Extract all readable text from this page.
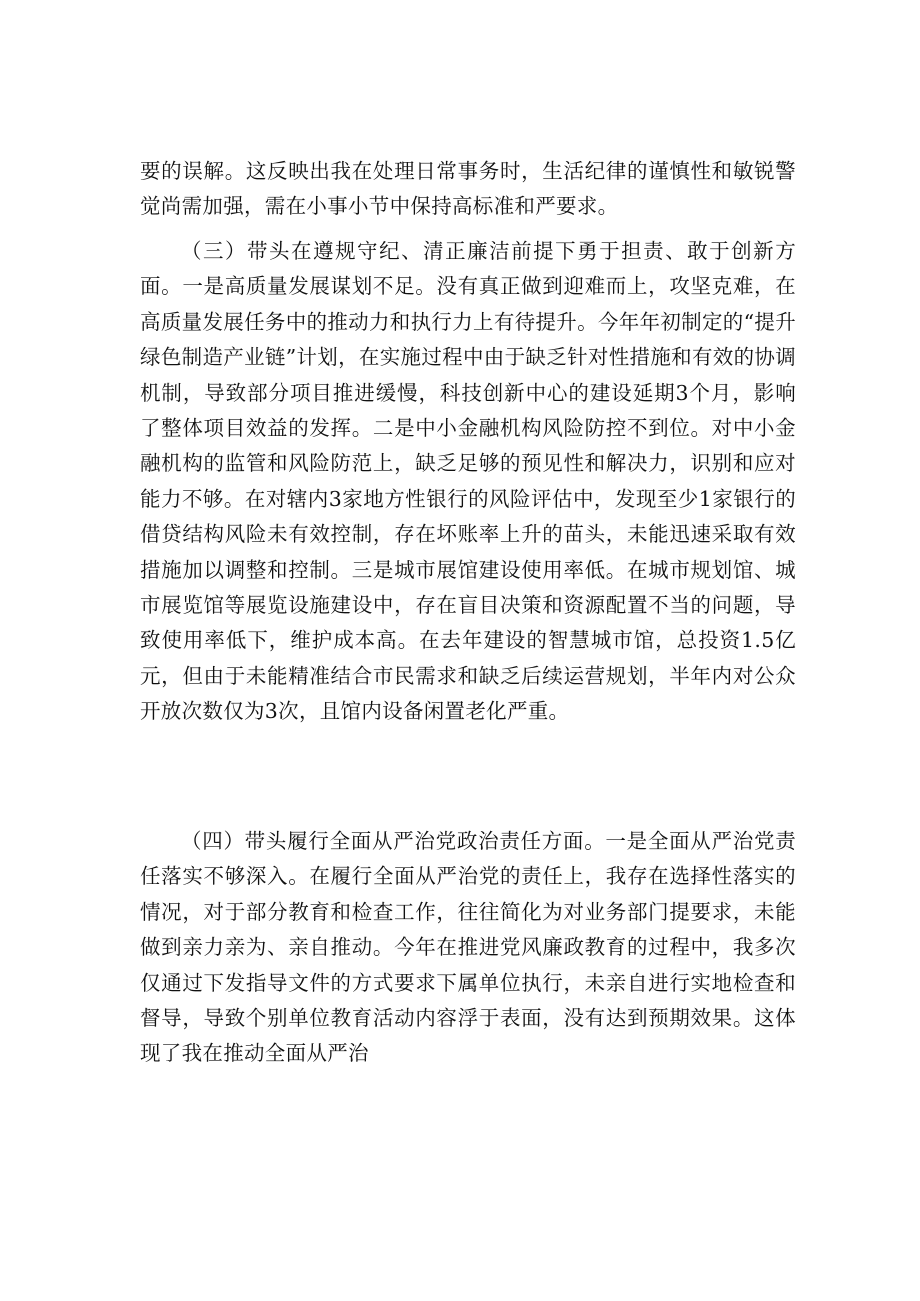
要的误解。这反映出我在处理日常事务时，生活纪律的谨慎性和敏锐警觉尚需加强，需在小事小节中保持高标准和严要求。

（三）带头在遵规守纪、清正廉洁前提下勇于担责、敢于创新方面。一是高质量发展谋划不足。没有真正做到迎难而上，攻坚克难，在高质量发展任务中的推动力和执行力上有待提升。今年年初制定的“提升绿色制造产业链”计划，在实施过程中由于缺乏针对性措施和有效的协调机制，导致部分项目推进缓慢，科技创新中心的建设延期3个月，影响了整体项目效益的发挥。二是中小金融机构风险防控不到位。对中小金融机构的监管和风险防范上，缺乏足够的预见性和解决力，识别和应对能力不够。在对辖内3家地方性银行的风险评估中，发现至少1家银行的借贷结构风险未有效控制，存在坏账率上升的苗头，未能迅速采取有效措施加以调整和控制。三是城市展馆建设使用率低。在城市规划馆、城市展览馆等展览设施建设中，存在盲目决策和资源配置不当的问题，导致使用率低下，维护成本高。在去年建设的智慧城市馆，总投资1.5亿元，但由于未能精准结合市民需求和缺乏后续运营规划，半年内对公众开放次数仅为3次，且馆内设备闲置老化严重。

（四）带头履行全面从严治党政治责任方面。一是全面从严治党责任落实不够深入。在履行全面从严治党的责任上，我存在选择性落实的情况，对于部分教育和检查工作，往往简化为对业务部门提要求，未能做到亲力亲为、亲自推动。今年在推进党风廉政教育的过程中，我多次仅通过下发指导文件的方式要求下属单位执行，未亲自进行实地检查和督导，导致个别单位教育活动内容浮于表面，没有达到预期效果。这体现了我在推动全面从严治
